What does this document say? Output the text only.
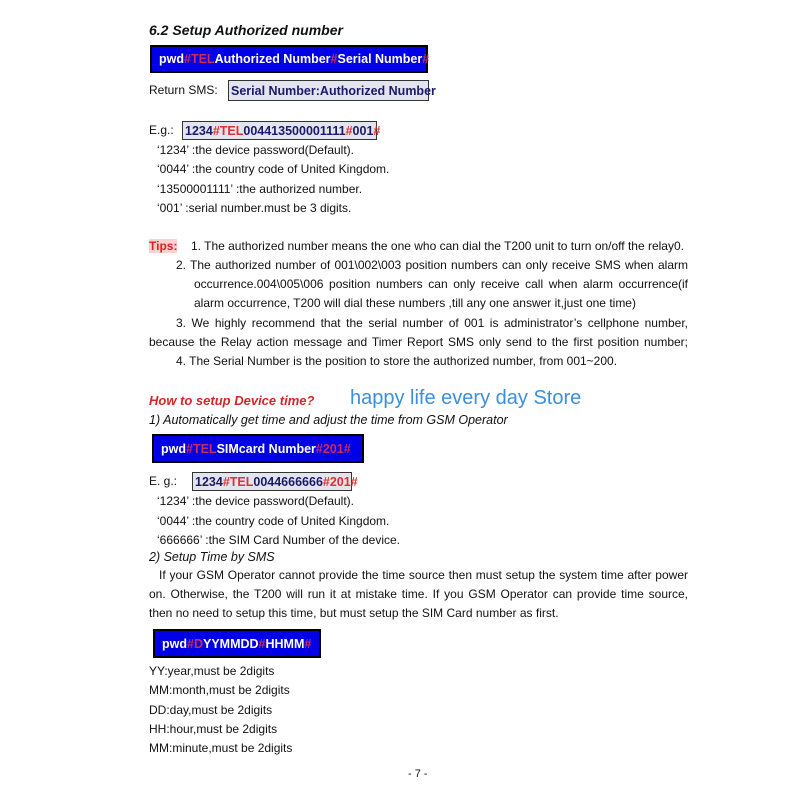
6.2 Setup Authorized number
pwd #TEL Authorized Number # Serial Number #
Return SMS: Serial Number:Authorized Number
E.g.: 1234 #TEL 004413500001111 # 001 #
‘1234’ :the device password(Default).
‘0044’ :the country code of United Kingdom.
‘13500001111’ :the authorized number.
‘001’ :serial number.must be 3 digits.
Tips: 1. The authorized number means the one who can dial the T200 unit to turn on/off the relay0.
2. The authorized number of 001\002\003 position numbers can only receive SMS when alarm
occurrence.004\005\006 position numbers can only receive call when alarm occurrence(if
alarm occurrence, T200 will dial these numbers ,till any one answer it,just one time)
3. We highly recommend that the serial number of 001 is administrator’s cellphone number,
because the Relay action message and Timer Report SMS only send to the first position number;
4. The Serial Number is the position to store the authorized number, from 001~200.
How to setup Device time? happy life every day Store
1) Automatically get time and adjust the time from GSM Operator
pwd #TEL SIMcard Number #201#
E. g.: 1234 #TEL 0044666666 #201#
‘1234’ :the device password(Default).
‘0044’ :the country code of United Kingdom.
‘666666’ :the SIM Card Number of the device.
2) Setup Time by SMS
If your GSM Operator cannot provide the time source then must setup the system time after power
on. Otherwise, the T200 will run it at mistake time. If you GSM Operator can provide time source,
then no need to setup this time, but must setup the SIM Card number as first.
pwd #D YYMMDD # HHMM #
YY:year,must be 2digits
MM:month,must be 2digits
DD:day,must be 2digits
HH:hour,must be 2digits
MM:minute,must be 2digits
- 7 -
